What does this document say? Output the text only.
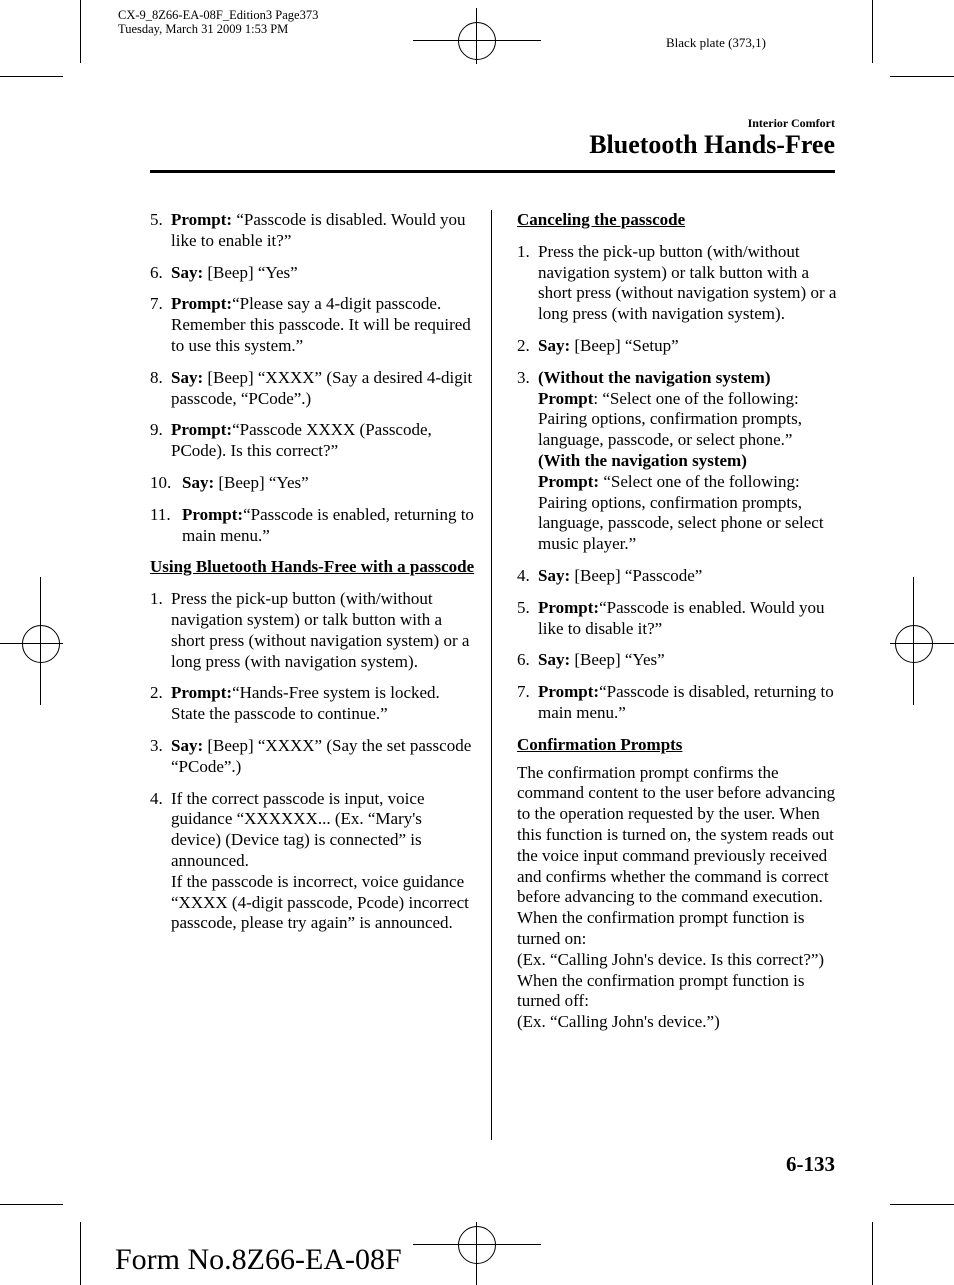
CX-9_8Z66-EA-08F_Edition3 Page373
Tuesday, March 31 2009 1:53 PM
Black plate (373,1)
Interior Comfort
Bluetooth Hands-Free
5. Prompt: “Passcode is disabled. Would you like to enable it?”
6. Say: [Beep] “Yes”
7. Prompt:“Please say a 4-digit passcode. Remember this passcode. It will be required to use this system.”
8. Say: [Beep] “XXXX” (Say a desired 4-digit passcode, “PCode”.)
9. Prompt:“Passcode XXXX (Passcode, PCode). Is this correct?”
10. Say: [Beep] “Yes”
11. Prompt:“Passcode is enabled, returning to main menu.”
Using Bluetooth Hands-Free with a passcode
1. Press the pick-up button (with/without navigation system) or talk button with a short press (without navigation system) or a long press (with navigation system).
2. Prompt:“Hands-Free system is locked. State the passcode to continue.”
3. Say: [Beep] “XXXX” (Say the set passcode “PCode”.)
4. If the correct passcode is input, voice guidance “XXXXXX... (Ex. “Mary's device) (Device tag) is connected” is announced.
If the passcode is incorrect, voice guidance “XXXX (4-digit passcode, Pcode) incorrect passcode, please try again” is announced.
Canceling the passcode
1. Press the pick-up button (with/without navigation system) or talk button with a short press (without navigation system) or a long press (with navigation system).
2. Say: [Beep] “Setup”
3. (Without the navigation system)
Prompt: “Select one of the following: Pairing options, confirmation prompts, language, passcode, or select phone.”
(With the navigation system)
Prompt: “Select one of the following: Pairing options, confirmation prompts, language, passcode, select phone or select music player.”
4. Say: [Beep] “Passcode”
5. Prompt:“Passcode is enabled. Would you like to disable it?”
6. Say: [Beep] “Yes”
7. Prompt:“Passcode is disabled, returning to main menu.”
Confirmation Prompts

The confirmation prompt confirms the command content to the user before advancing to the operation requested by the user. When this function is turned on, the system reads out the voice input command previously received and confirms whether the command is correct before advancing to the command execution.

When the confirmation prompt function is turned on:

(Ex. “Calling John's device. Is this correct?”)

When the confirmation prompt function is turned off:

(Ex. “Calling John's device.”)

6-133
Form No.8Z66-EA-08F
